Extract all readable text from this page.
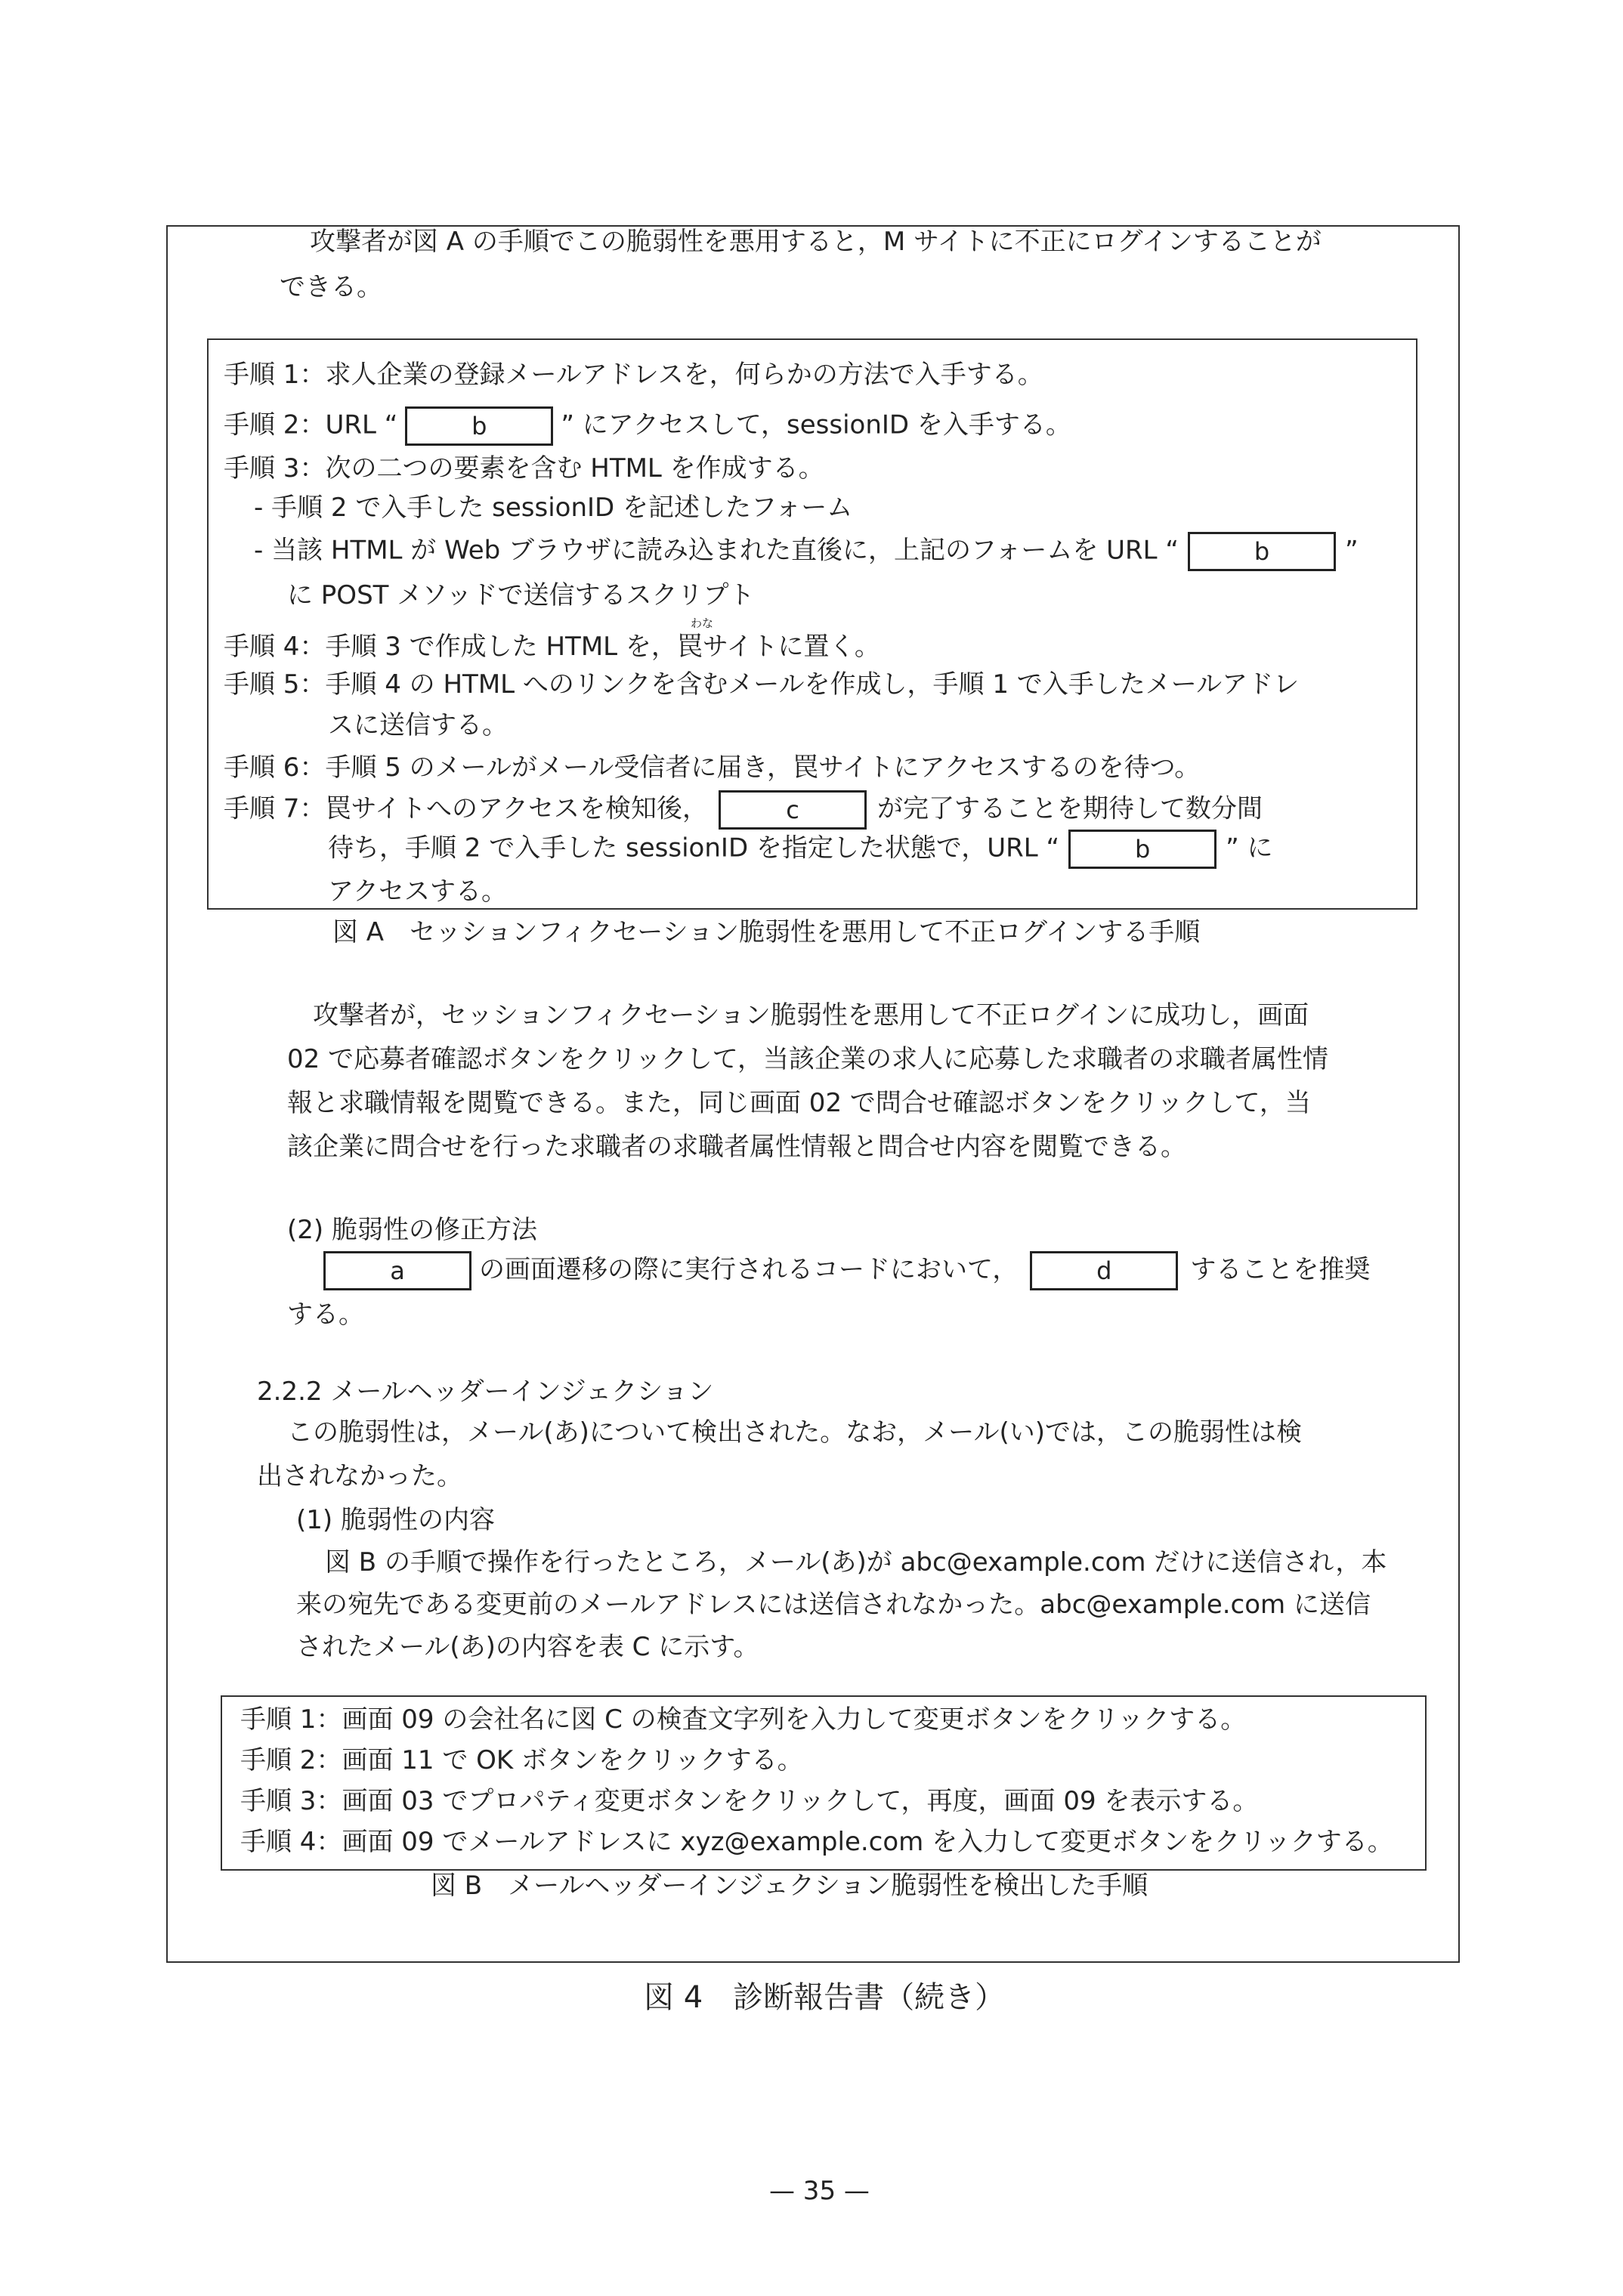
攻撃者が図 A の手順でこの脆弱性を悪用すると，M サイトに不正にログインすることが
できる。
手順 1：求人企業の登録メールアドレスを，何らかの方法で入手する。
手順 2：URL “	b	” にアクセスして，sessionID を入手する。
手順 3：次の二つの要素を含む HTML を作成する。
- 手順 2 で入手した sessionID を記述したフォーム
- 当該 HTML が Web ブラウザに読み込まれた直後に，上記のフォームを URL “	b	”
に POST メソッドで送信するスクリプト
わな
手順 4：手順 3 で作成した HTML を，罠サイトに置く。
手順 5：手順 4 の HTML へのリンクを含むメールを作成し，手順 1 で入手したメールアドレ
スに送信する。
手順 6：手順 5 のメールがメール受信者に届き，罠サイトにアクセスするのを待つ。
手順 7：罠サイトへのアクセスを検知後，	c	が完了することを期待して数分間
待ち，手順 2 で入手した sessionID を指定した状態で，URL “	b	” に
アクセスする。
図 A　セッションフィクセーション脆弱性を悪用して不正ログインする手順
攻撃者が，セッションフィクセーション脆弱性を悪用して不正ログインに成功し，画面
02 で応募者確認ボタンをクリックして，当該企業の求人に応募した求職者の求職者属性情
報と求職情報を閲覧できる。また，同じ画面 02 で問合せ確認ボタンをクリックして，当
該企業に問合せを行った求職者の求職者属性情報と問合せ内容を閲覧できる。
(2) 脆弱性の修正方法
a	の画面遷移の際に実行されるコードにおいて，	d	することを推奨
する。
2.2.2 メールヘッダーインジェクション
この脆弱性は，メール(あ)について検出された。なお，メール(い)では，この脆弱性は検
出されなかった。
(1) 脆弱性の内容
図 B の手順で操作を行ったところ，メール(あ)が abc@example.com だけに送信され，本
来の宛先である変更前のメールアドレスには送信されなかった。abc@example.com に送信
されたメール(あ)の内容を表 C に示す。
手順 1：画面 09 の会社名に図 C の検査文字列を入力して変更ボタンをクリックする。
手順 2：画面 11 で OK ボタンをクリックする。
手順 3：画面 03 でプロパティ変更ボタンをクリックして，再度，画面 09 を表示する。
手順 4：画面 09 でメールアドレスに xyz@example.com を入力して変更ボタンをクリックする。
図 B　メールヘッダーインジェクション脆弱性を検出した手順
図 4　診断報告書（続き）
— 35 —
